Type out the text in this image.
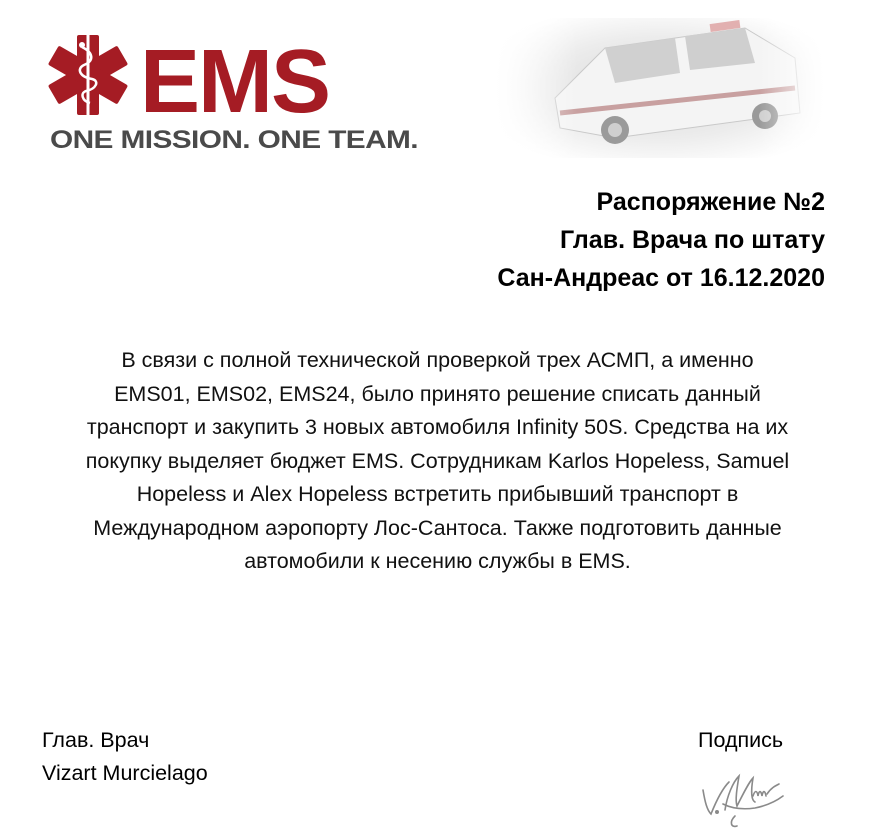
EMS
ONE MISSION. ONE TEAM.
Распоряжение №2
Глав. Врача по штату
Сан-Андреас от 16.12.2020
В связи с полной технической проверкой трех АСМП, а именно
EMS01, EMS02, EMS24, было принято решение списать данный
транспорт и закупить 3 новых автомобиля Infinity 50S. Средства на их
покупку выделяет бюджет EMS. Сотрудникам Karlos Hopeless, Samuel
Hopeless и Alex Hopeless встретить прибывший транспорт в
Международном аэропорту Лос-Сантоса. Также подготовить данные
автомобили к несению службы в EMS.
Глав. Врач
Vizart Murcielago
Подпись
